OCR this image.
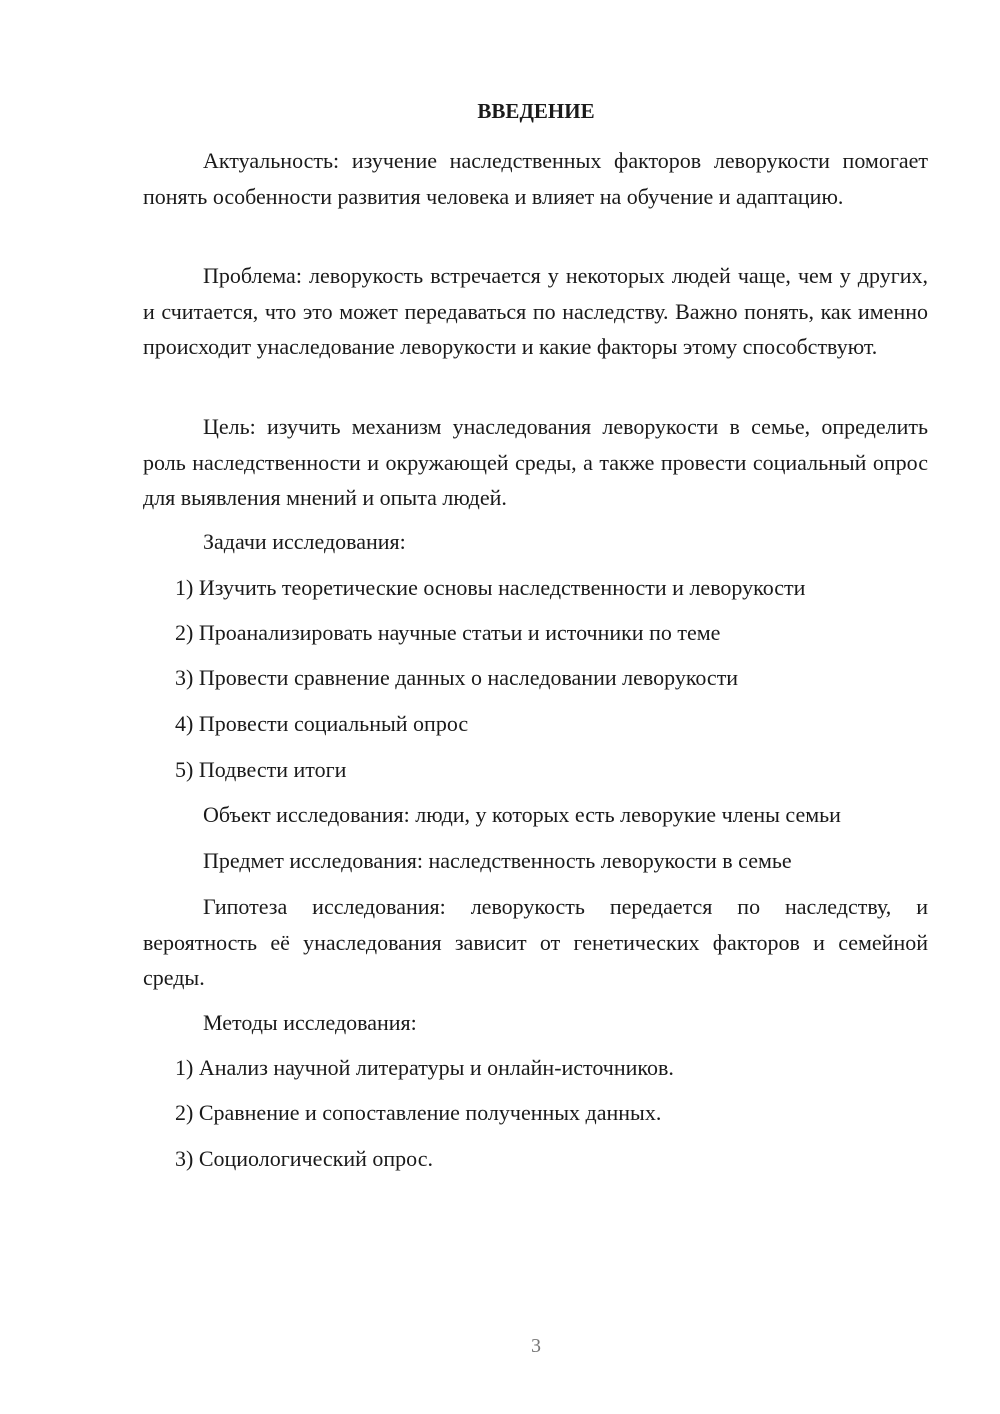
ВВЕДЕНИЕ

Актуальность: изучение наследственных факторов леворукости помогает понять особенности развития человека и влияет на обучение и адаптацию.

Проблема: леворукость встречается у некоторых людей чаще, чем у других, и считается, что это может передаваться по наследству. Важно понять, как именно происходит унаследование леворукости и какие факторы этому способствуют.

Цель: изучить механизм унаследования леворукости в семье, определить роль наследственности и окружающей среды, а также провести социальный опрос для выявления мнений и опыта людей.

Задачи исследования:

1) Изучить теоретические основы наследственности и леворукости

2) Проанализировать научные статьи и источники по теме

3) Провести сравнение данных о наследовании леворукости

4) Провести социальный опрос

5) Подвести итоги

Объект исследования: люди, у которых есть леворукие члены семьи

Предмет исследования: наследственность леворукости в семье

Гипотеза исследования: леворукость передается по наследству, и вероятность её унаследования зависит от генетических факторов и семейной среды.

Методы исследования:

1) Анализ научной литературы и онлайн-источников.

2) Сравнение и сопоставление полученных данных.

3) Социологический опрос.

3
